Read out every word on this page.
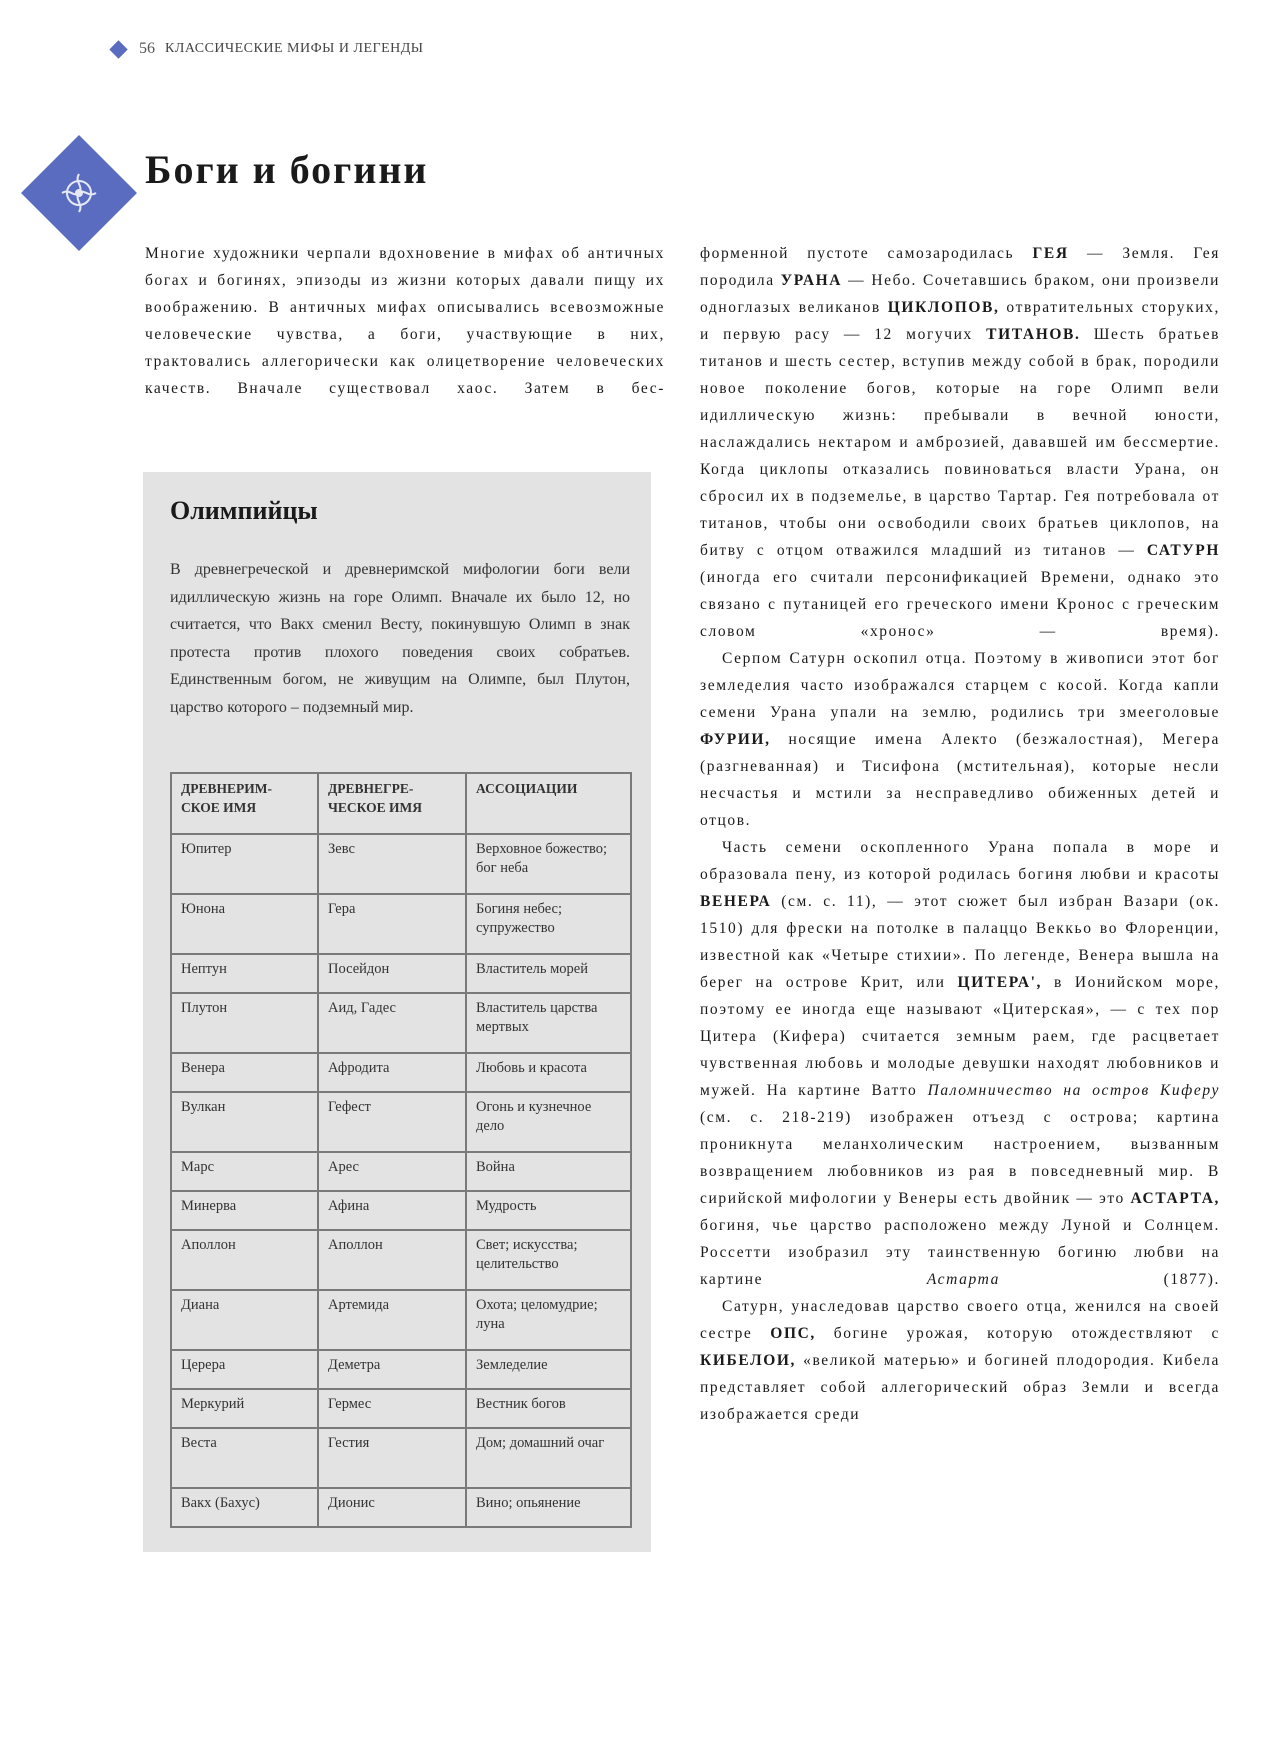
56 КЛАССИЧЕСКИЕ МИФЫ И ЛЕГЕНДЫ
Боги и богини

Многие художники черпали вдохновение в мифах об античных богах и богинях, эпизоды из жизни которых давали пищу их воображению. В античных мифах описывались всевозможные человеческие чувства, а боги, участвующие в них, трактовались аллегорически как олицетворение человеческих качеств. Вначале существовал хаос. Затем в бес-

форменной пустоте самозародилась ГЕЯ — Земля. Гея породила УРАНА — Небо. Сочетавшись браком, они произвели одноглазых великанов ЦИКЛОПОВ, отвратительных сторуких, и первую расу — 12 могучих ТИТАНОВ. Шесть братьев титанов и шесть сестер, вступив между собой в брак, породили новое поколение богов, которые на горе Олимп вели идиллическую жизнь: пребывали в вечной юности, наслаждались нектаром и амброзией, дававшей им бессмертие. Когда циклопы отказались повиноваться власти Урана, он сбросил их в подземелье, в царство Тартар. Гея потребовала от титанов, чтобы они освободили своих братьев циклопов, на битву с отцом отважился младший из титанов — САТУРН (иногда его считали персонификацией Времени, однако это связано с путаницей его греческого имени Кронос с греческим словом «хронос» — время).

Серпом Сатурн оскопил отца. Поэтому в живописи этот бог земледелия часто изображался старцем с косой. Когда капли семени Урана упали на землю, родились три змееголовые ФУРИИ, носящие имена Алекто (безжалостная), Мегера (разгневанная) и Тисифона (мстительная), которые несли несчастья и мстили за несправедливо обиженных детей и отцов.

Часть семени оскопленного Урана попала в море и образовала пену, из которой родилась богиня любви и красоты ВЕНЕРА (см. с. 11), — этот сюжет был избран Вазари (ок. 1510) для фрески на потолке в палаццо Веккьо во Флоренции, известной как «Четыре стихии». По легенде, Венера вышла на берег на острове Крит, или ЦИТЕРА', в Ионийском море, поэтому ее иногда еще называют «Цитерская», — с тех пор Цитера (Кифера) считается земным раем, где расцветает чувственная любовь и молодые девушки находят любовников и мужей. На картине Ватто Паломничество на остров Киферу (см. с. 218-219) изображен отъезд с острова; картина проникнута меланхолическим настроением, вызванным возвращением любовников из рая в повседневный мир. В сирийской мифологии у Венеры есть двойник — это АСТАРТА, богиня, чье царство расположено между Луной и Солнцем. Россетти изобразил эту таинственную богиню любви на картине Астарта (1877).

Сатурн, унаследовав царство своего отца, женился на своей сестре ОПС, богине урожая, которую отождествляют с КИБЕЛОИ, «великой матерью» и богиней плодородия. Кибела представляет собой аллегорический образ Земли и всегда изображается среди

Олимпийцы

В древнегреческой и древнеримской мифологии боги вели идиллическую жизнь на горе Олимп. Вначале их было 12, но считается, что Вакх сменил Весту, покинувшую Олимп в знак протеста против плохого поведения своих собратьев. Единственным богом, не живущим на Олимпе, был Плутон, царство которого – подземный мир.

ДРЕВНЕРИМ-СКОЕ ИМЯ	ДРЕВНЕГРЕ-ЧЕСКОЕ ИМЯ	АССОЦИАЦИИ
Юпитер	Зевс	Верховное божество; бог неба
Юнона	Гера	Богиня небес; супружество
Нептун	Посейдон	Властитель морей
Плутон	Аид, Гадес	Властитель царства мертвых
Венера	Афродита	Любовь и красота
Вулкан	Гефест	Огонь и кузнечное дело
Марс	Арес	Война
Минерва	Афина	Мудрость
Аполлон	Аполлон	Свет; искусства; целительство
Диана	Артемида	Охота; целомудрие; луна
Церера	Деметра	Земледелие
Меркурий	Гермес	Вестник богов
Веста	Гестия	Дом; домашний очаг
Вакх (Бахус)	Дионис	Вино; опьянение
